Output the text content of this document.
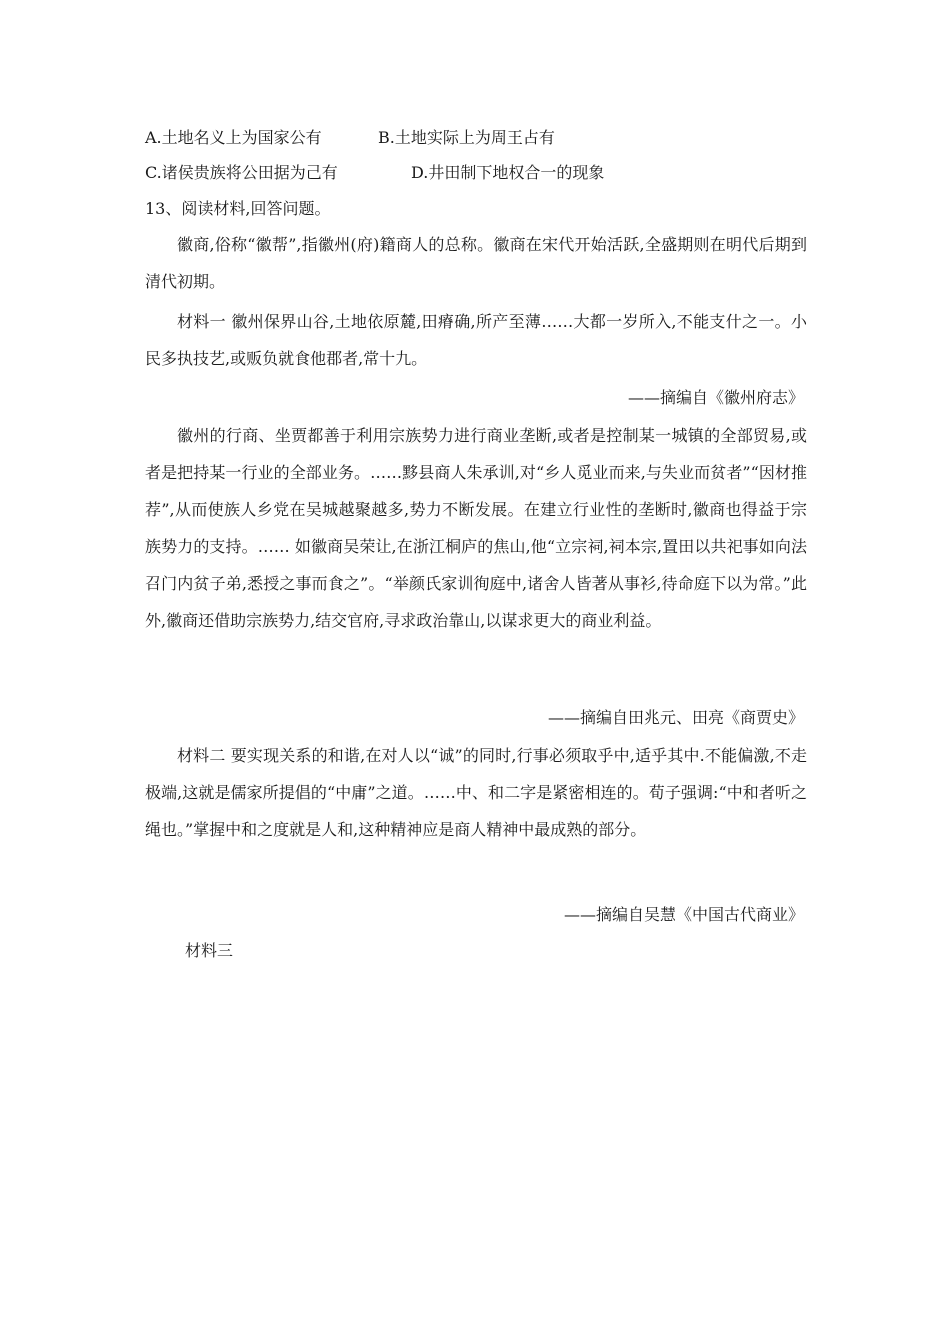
A.土地名义上为国家公有	B.土地实际上为周王占有
C.诸侯贵族将公田据为己有	D.井田制下地权合一的现象
13、阅读材料,回答问题。
徽商,俗称“徽帮”,指徽州(府)籍商人的总称。徽商在宋代开始活跃,全盛期则在明代后期到清代初期。
材料一 徽州保界山谷,土地依原麓,田瘠确,所产至薄……大都一岁所入,不能支什之一。小民多执技艺,或贩负就食他郡者,常十九。
——摘编自《徽州府志》
徽州的行商、坐贾都善于利用宗族势力进行商业垄断,或者是控制某一城镇的全部贸易,或者是把持某一行业的全部业务。……黟县商人朱承训,对“乡人觅业而来,与失业而贫者”“因材推荐”,从而使族人乡党在吴城越聚越多,势力不断发展。在建立行业性的垄断时,徽商也得益于宗族势力的支持。…… 如徽商吴荣让,在浙江桐庐的焦山,他“立宗祠,祠本宗,置田以共祀事如向法召门内贫子弟,悉授之事而食之”。“举颜氏家训徇庭中,诸舍人皆著从事衫,待命庭下以为常。”此外,徽商还借助宗族势力,结交官府,寻求政治靠山,以谋求更大的商业利益。
——摘编自田兆元、田亮《商贾史》
材料二 要实现关系的和谐,在对人以“诚”的同时,行事必须取乎中,适乎其中.不能偏激,不走极端,这就是儒家所提倡的“中庸”之道。……中、和二字是紧密相连的。荀子强调:“中和者听之绳也。”掌握中和之度就是人和,这种精神应是商人精神中最成熟的部分。
——摘编自吴慧《中国古代商业》
材料三
